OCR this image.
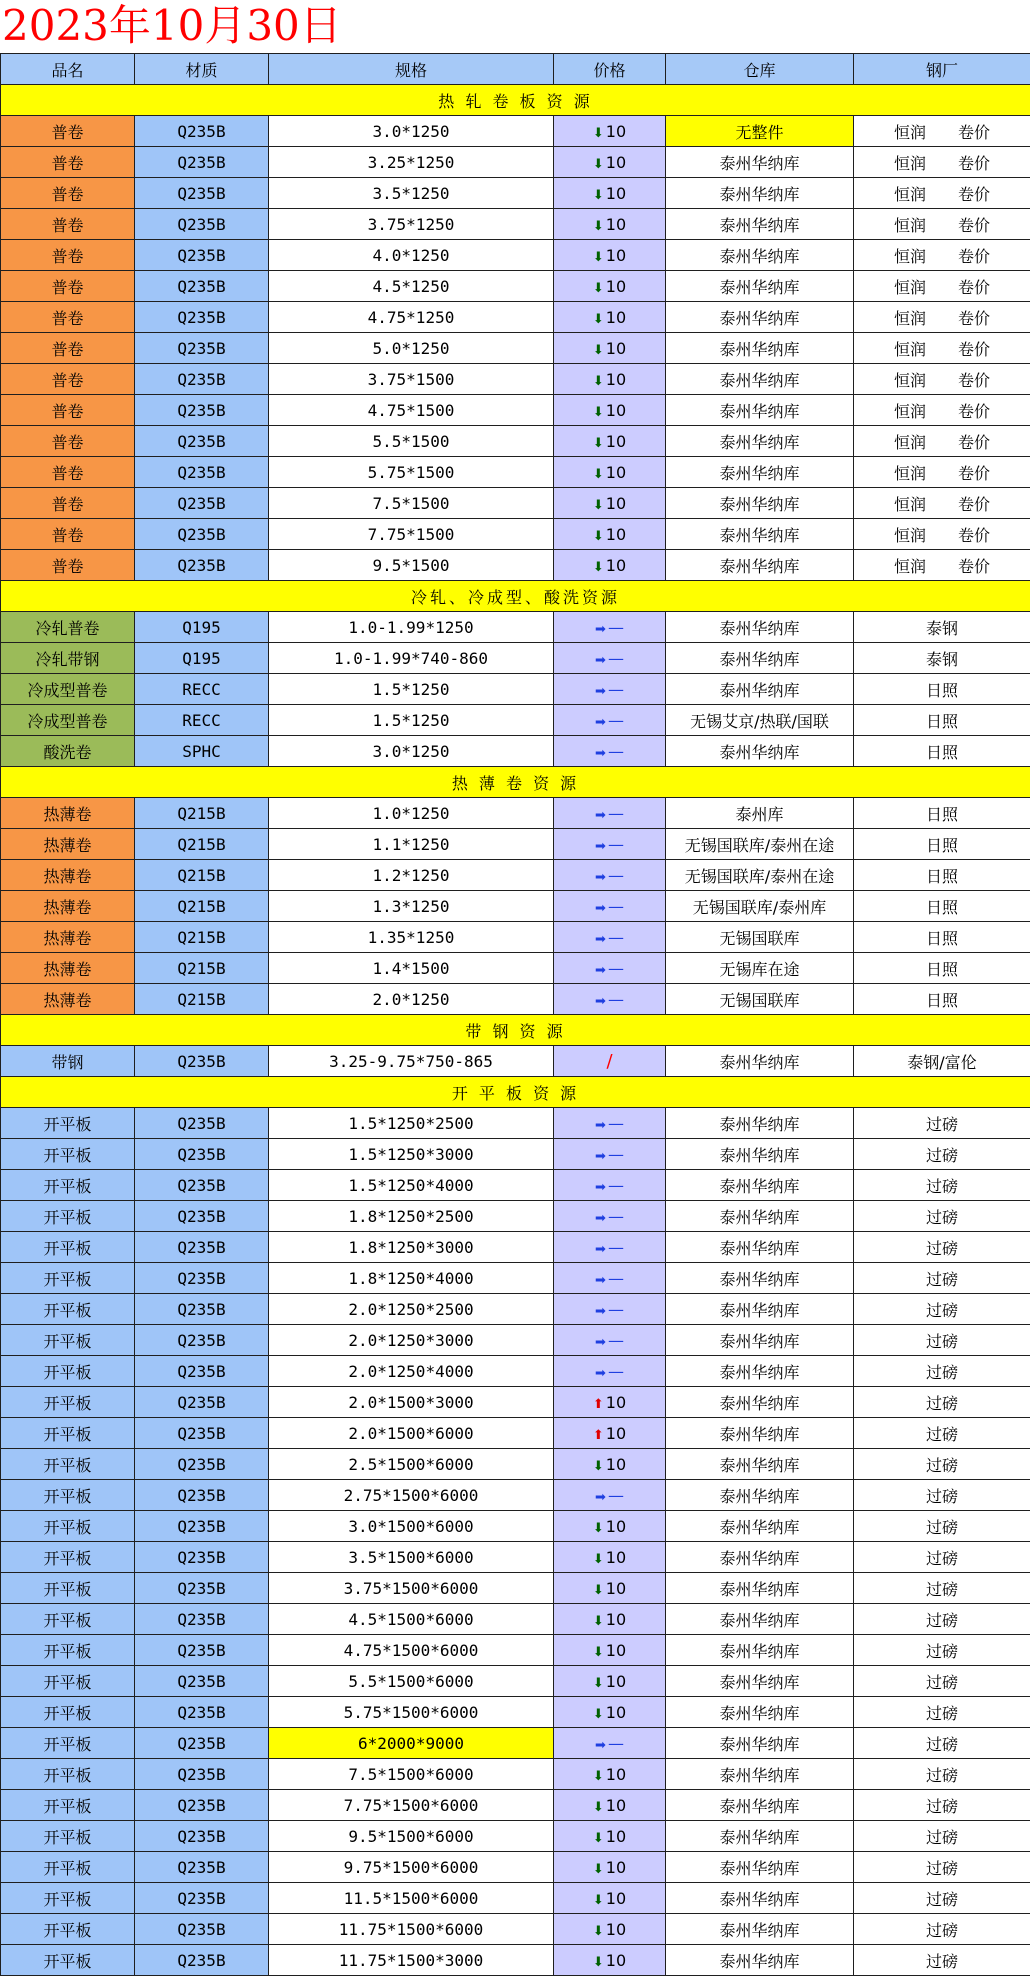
2023年10月30日
品名	材质	规格	价格	仓库	钢厂
热 轧 卷 板 资 源					
普卷	Q235B	3.0*1250	⬇ 10	无整件	恒润 卷价
普卷	Q235B	3.25*1250	⬇ 10	泰州华纳库	恒润 卷价
普卷	Q235B	3.5*1250	⬇ 10	泰州华纳库	恒润 卷价
普卷	Q235B	3.75*1250	⬇ 10	泰州华纳库	恒润 卷价
普卷	Q235B	4.0*1250	⬇ 10	泰州华纳库	恒润 卷价
普卷	Q235B	4.5*1250	⬇ 10	泰州华纳库	恒润 卷价
普卷	Q235B	4.75*1250	⬇ 10	泰州华纳库	恒润 卷价
普卷	Q235B	5.0*1250	⬇ 10	泰州华纳库	恒润 卷价
普卷	Q235B	3.75*1500	⬇ 10	泰州华纳库	恒润 卷价
普卷	Q235B	4.75*1500	⬇ 10	泰州华纳库	恒润 卷价
普卷	Q235B	5.5*1500	⬇ 10	泰州华纳库	恒润 卷价
普卷	Q235B	5.75*1500	⬇ 10	泰州华纳库	恒润 卷价
普卷	Q235B	7.5*1500	⬇ 10	泰州华纳库	恒润 卷价
普卷	Q235B	7.75*1500	⬇ 10	泰州华纳库	恒润 卷价
普卷	Q235B	9.5*1500	⬇ 10	泰州华纳库	恒润 卷价
冷轧、冷成型、酸洗资源					
冷轧普卷	Q195	1.0-1.99*1250	➡ —	泰州华纳库	泰钢
冷轧带钢	Q195	1.0-1.99*740-860	➡ —	泰州华纳库	泰钢
冷成型普卷	RECC	1.5*1250	➡ —	泰州华纳库	日照
冷成型普卷	RECC	1.5*1250	➡ —	无锡艾京/热联/国联	日照
酸洗卷	SPHC	3.0*1250	➡ —	泰州华纳库	日照
热 薄 卷 资 源					
热薄卷	Q215B	1.0*1250	➡ —	泰州库	日照
热薄卷	Q215B	1.1*1250	➡ —	无锡国联库/泰州在途	日照
热薄卷	Q215B	1.2*1250	➡ —	无锡国联库/泰州在途	日照
热薄卷	Q215B	1.3*1250	➡ —	无锡国联库/泰州库	日照
热薄卷	Q215B	1.35*1250	➡ —	无锡国联库	日照
热薄卷	Q215B	1.4*1500	➡ —	无锡库在途	日照
热薄卷	Q215B	2.0*1250	➡ —	无锡国联库	日照
带 钢 资 源					
带钢	Q235B	3.25-9.75*750-865	/	泰州华纳库	泰钢/富伦
开 平 板 资 源					
开平板	Q235B	1.5*1250*2500	➡ —	泰州华纳库	过磅
开平板	Q235B	1.5*1250*3000	➡ —	泰州华纳库	过磅
开平板	Q235B	1.5*1250*4000	➡ —	泰州华纳库	过磅
开平板	Q235B	1.8*1250*2500	➡ —	泰州华纳库	过磅
开平板	Q235B	1.8*1250*3000	➡ —	泰州华纳库	过磅
开平板	Q235B	1.8*1250*4000	➡ —	泰州华纳库	过磅
开平板	Q235B	2.0*1250*2500	➡ —	泰州华纳库	过磅
开平板	Q235B	2.0*1250*3000	➡ —	泰州华纳库	过磅
开平板	Q235B	2.0*1250*4000	➡ —	泰州华纳库	过磅
开平板	Q235B	2.0*1500*3000	⬆ 10	泰州华纳库	过磅
开平板	Q235B	2.0*1500*6000	⬆ 10	泰州华纳库	过磅
开平板	Q235B	2.5*1500*6000	⬇ 10	泰州华纳库	过磅
开平板	Q235B	2.75*1500*6000	➡ —	泰州华纳库	过磅
开平板	Q235B	3.0*1500*6000	⬇ 10	泰州华纳库	过磅
开平板	Q235B	3.5*1500*6000	⬇ 10	泰州华纳库	过磅
开平板	Q235B	3.75*1500*6000	⬇ 10	泰州华纳库	过磅
开平板	Q235B	4.5*1500*6000	⬇ 10	泰州华纳库	过磅
开平板	Q235B	4.75*1500*6000	⬇ 10	泰州华纳库	过磅
开平板	Q235B	5.5*1500*6000	⬇ 10	泰州华纳库	过磅
开平板	Q235B	5.75*1500*6000	⬇ 10	泰州华纳库	过磅
开平板	Q235B	6*2000*9000	➡ —	泰州华纳库	过磅
开平板	Q235B	7.5*1500*6000	⬇ 10	泰州华纳库	过磅
开平板	Q235B	7.75*1500*6000	⬇ 10	泰州华纳库	过磅
开平板	Q235B	9.5*1500*6000	⬇ 10	泰州华纳库	过磅
开平板	Q235B	9.75*1500*6000	⬇ 10	泰州华纳库	过磅
开平板	Q235B	11.5*1500*6000	⬇ 10	泰州华纳库	过磅
开平板	Q235B	11.75*1500*6000	⬇ 10	泰州华纳库	过磅
开平板	Q235B	11.75*1500*3000	⬇ 10	泰州华纳库	过磅
